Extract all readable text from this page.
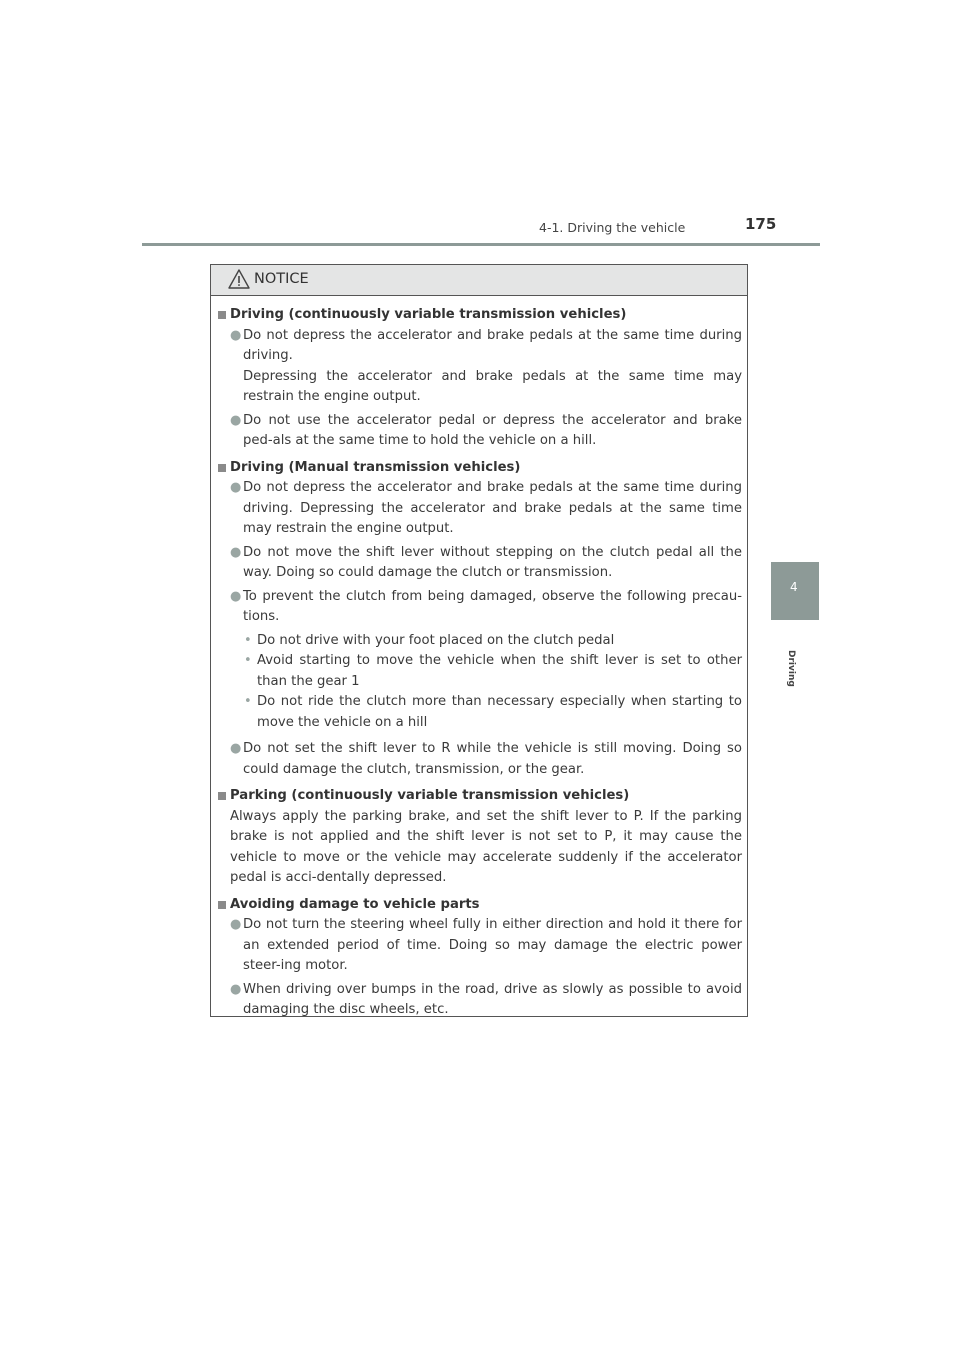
4-1. Driving the vehicle	175
4
Driving
NOTICE
Driving (continuously variable transmission vehicles)
● Do not depress the accelerator and brake pedals at the same time during driving.
Depressing the accelerator and brake pedals at the same time may restrain the engine output.
● Do not use the accelerator pedal or depress the accelerator and brake ped-als at the same time to hold the vehicle on a hill.
Driving (Manual transmission vehicles)
● Do not depress the accelerator and brake pedals at the same time during driving. Depressing the accelerator and brake pedals at the same time may restrain the engine output.
● Do not move the shift lever without stepping on the clutch pedal all the way. Doing so could damage the clutch or transmission.
● To prevent the clutch from being damaged, observe the following precau-tions.
• Do not drive with your foot placed on the clutch pedal
• Avoid starting to move the vehicle when the shift lever is set to other than the gear 1
• Do not ride the clutch more than necessary especially when starting to move the vehicle on a hill
● Do not set the shift lever to R while the vehicle is still moving. Doing so could damage the clutch, transmission, or the gear.
Parking (continuously variable transmission vehicles)
Always apply the parking brake, and set the shift lever to P. If the parking brake is not applied and the shift lever is not set to P, it may cause the vehicle to move or the vehicle may accelerate suddenly if the accelerator pedal is acci-dentally depressed.
Avoiding damage to vehicle parts
● Do not turn the steering wheel fully in either direction and hold it there for an extended period of time. Doing so may damage the electric power steer-ing motor.
● When driving over bumps in the road, drive as slowly as possible to avoid damaging the disc wheels, etc.
